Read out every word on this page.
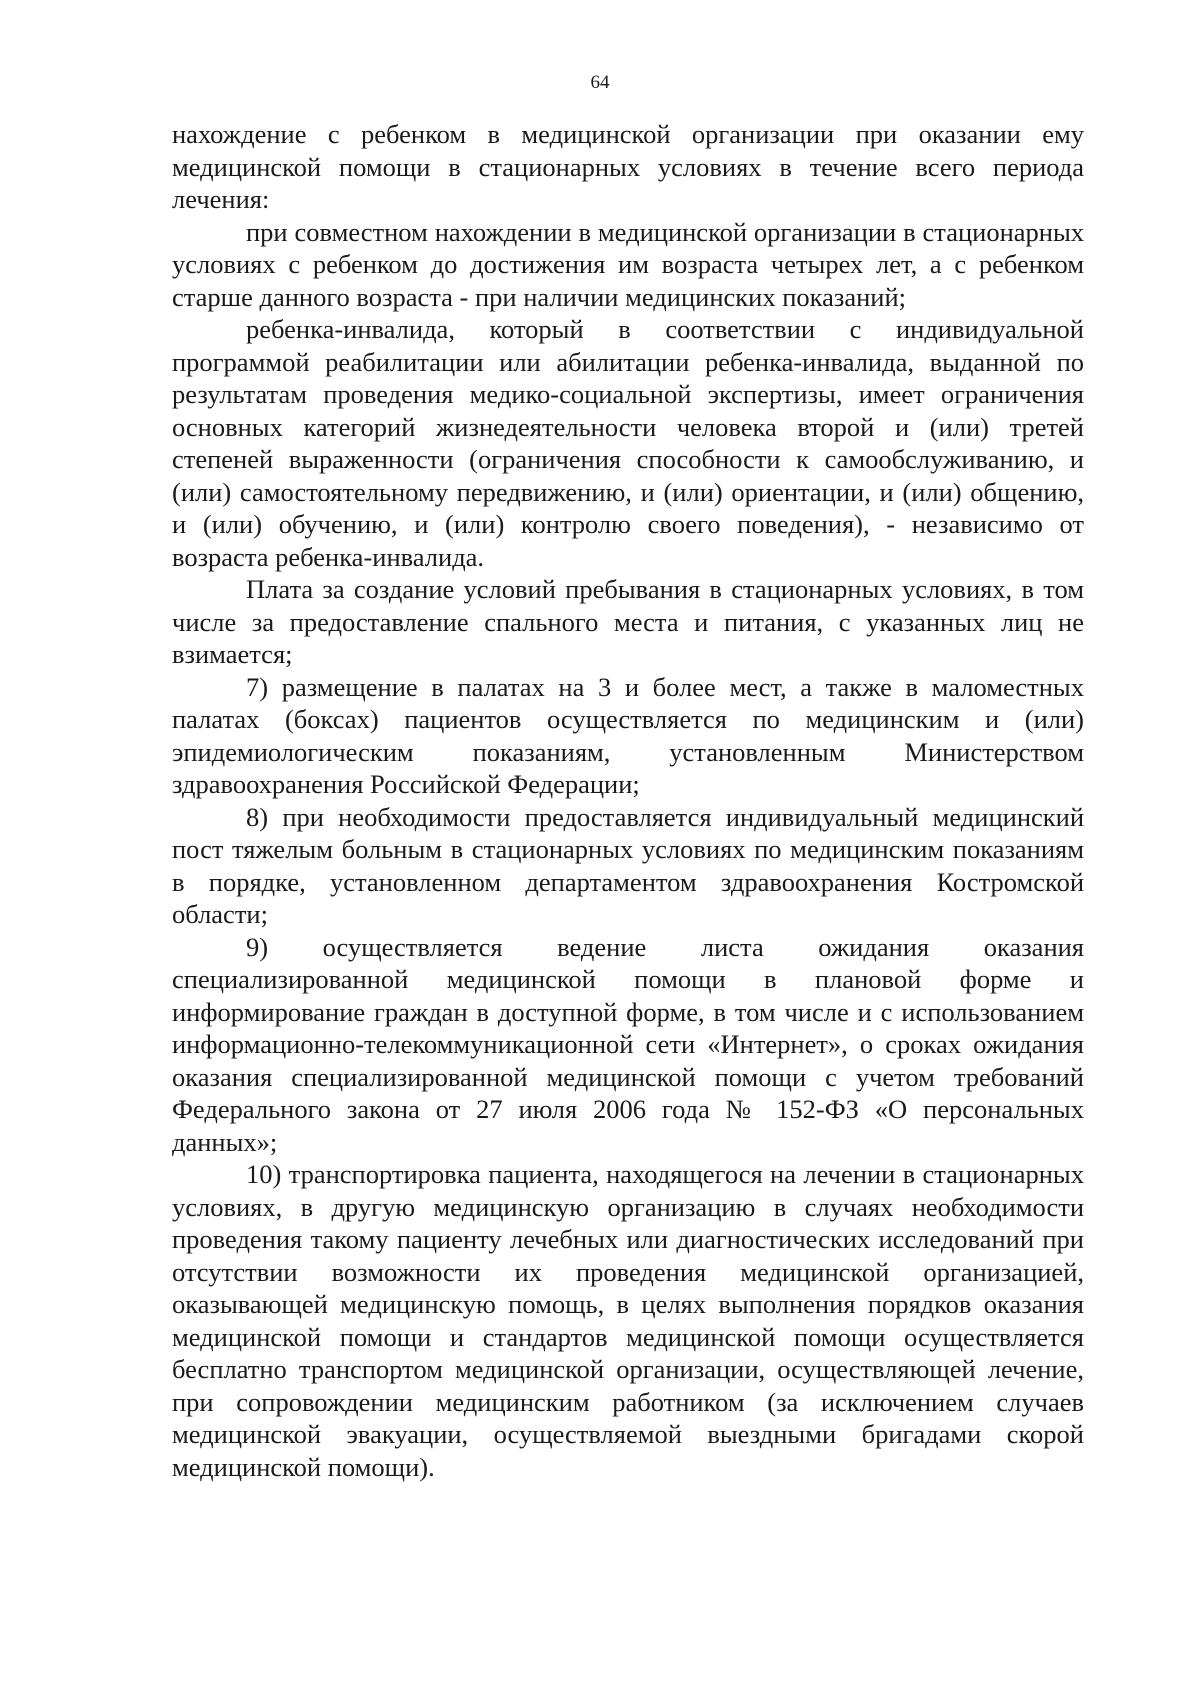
64

нахождение с ребенком в медицинской организации при оказании ему медицинской помощи в стационарных условиях в течение всего периода лечения:

при совместном нахождении в медицинской организации в стационарных условиях с ребенком до достижения им возраста четырех лет, а с ребенком старше данного возраста - при наличии медицинских показаний;

ребенка-инвалида, который в соответствии с индивидуальной программой реабилитации или абилитации ребенка-инвалида, выданной по результатам проведения медико-социальной экспертизы, имеет ограничения основных категорий жизнедеятельности человека второй и (или) третей степеней выраженности (ограничения способности к самообслуживанию, и (или) самостоятельному передвижению, и (или) ориентации, и (или) общению, и (или) обучению, и (или) контролю своего поведения), - независимо от возраста ребенка-инвалида.

Плата за создание условий пребывания в стационарных условиях, в том числе за предоставление спального места и питания, с указанных лиц не взимается;

7) размещение в палатах на 3 и более мест, а также в маломестных палатах (боксах) пациентов осуществляется по медицинским и (или) эпидемиологическим показаниям, установленным Министерством здравоохранения Российской Федерации;

8) при необходимости предоставляется индивидуальный медицинский пост тяжелым больным в стационарных условиях по медицинским показаниям в порядке, установленном департаментом здравоохранения Костромской области;

9) осуществляется ведение листа ожидания оказания специализированной медицинской помощи в плановой форме и информирование граждан в доступной форме, в том числе и с использованием информационно-телекоммуникационной сети «Интернет», о сроках ожидания оказания специализированной медицинской помощи с учетом требований Федерального закона от 27 июля 2006 года № 152-ФЗ «О персональных данных»;

10) транспортировка пациента, находящегося на лечении в стационарных условиях, в другую медицинскую организацию в случаях необходимости проведения такому пациенту лечебных или диагностических исследований при отсутствии возможности их проведения медицинской организацией, оказывающей медицинскую помощь, в целях выполнения порядков оказания медицинской помощи и стандартов медицинской помощи осуществляется бесплатно транспортом медицинской организации, осуществляющей лечение, при сопровождении медицинским работником (за исключением случаев медицинской эвакуации, осуществляемой выездными бригадами скорой медицинской помощи).
